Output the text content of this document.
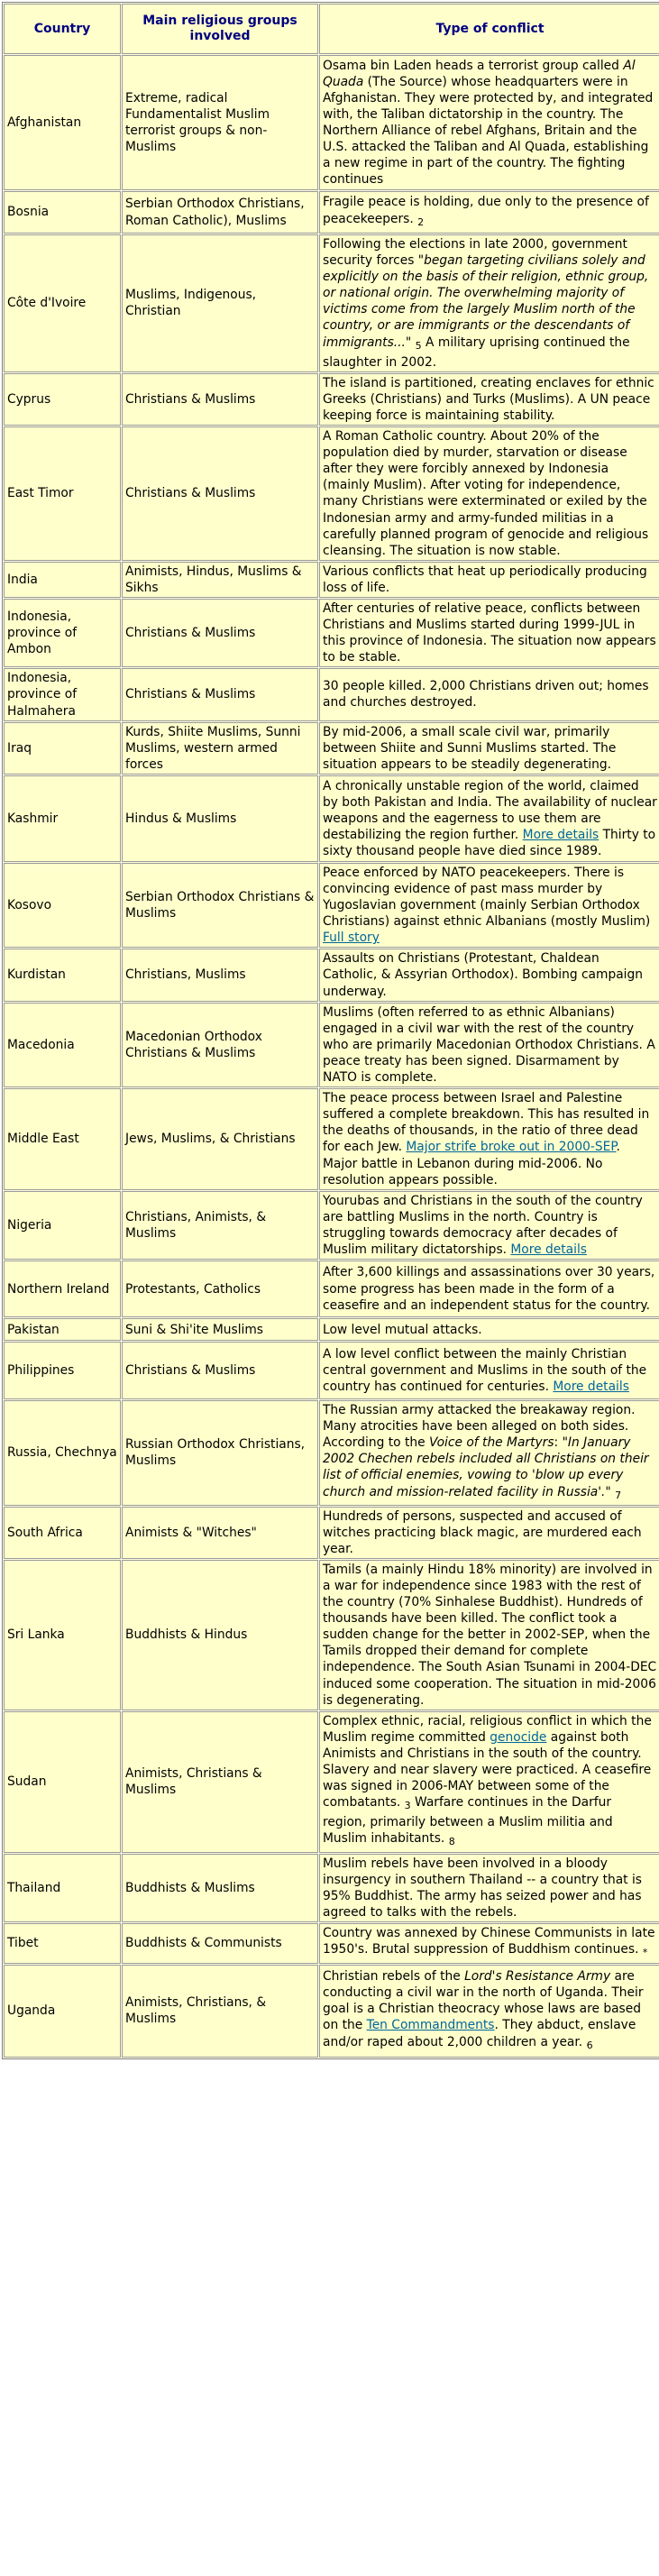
Country	Main religious groups involved	Type of conflict
Afghanistan	Extreme, radical Fundamentalist Muslim terrorist groups & non-Muslims	Osama bin Laden heads a terrorist group called Al Quada (The Source) whose headquarters were in Afghanistan. They were protected by, and integrated with, the Taliban dictatorship in the country. The Northern Alliance of rebel Afghans, Britain and the U.S. attacked the Taliban and Al Quada, establishing a new regime in part of the country. The fighting continues
Bosnia	Serbian Orthodox Christians, Roman Catholic), Muslims	Fragile peace is holding, due only to the presence of peacekeepers. $_2$
Côte d'Ivoire	Muslims, Indigenous, Christian	Following the elections in late 2000, government security forces "began targeting civilians solely and explicitly on the basis of their religion, ethnic group, or national origin. The overwhelming majority of victims come from the largely Muslim north of the country, or are immigrants or the descendants of immigrants..." $_5$ A military uprising continued the slaughter in 2002.
Cyprus	Christians & Muslims	The island is partitioned, creating enclaves for ethnic Greeks (Christians) and Turks (Muslims). A UN peace keeping force is maintaining stability.
East Timor	Christians & Muslims	A Roman Catholic country. About 20% of the population died by murder, starvation or disease after they were forcibly annexed by Indonesia (mainly Muslim). After voting for independence, many Christians were exterminated or exiled by the Indonesian army and army-funded militias in a carefully planned program of genocide and religious cleansing. The situation is now stable.
India	Animists, Hindus, Muslims & Sikhs	Various conflicts that heat up periodically producing loss of life.
Indonesia, province of Ambon	Christians & Muslims	After centuries of relative peace, conflicts between Christians and Muslims started during 1999-JUL in this province of Indonesia. The situation now appears to be stable.
Indonesia, province of Halmahera	Christians & Muslims	30 people killed. 2,000 Christians driven out; homes and churches destroyed.
Iraq	Kurds, Shiite Muslims, Sunni Muslims, western armed forces	By mid-2006, a small scale civil war, primarily between Shiite and Sunni Muslims started. The situation appears to be steadily degenerating.
Kashmir	Hindus & Muslims	A chronically unstable region of the world, claimed by both Pakistan and India. The availability of nuclear weapons and the eagerness to use them are destabilizing the region further. More details Thirty to sixty thousand people have died since 1989.
Kosovo	Serbian Orthodox Christians & Muslims	Peace enforced by NATO peacekeepers. There is convincing evidence of past mass murder by Yugoslavian government (mainly Serbian Orthodox Christians) against ethnic Albanians (mostly Muslim) Full story
Kurdistan	Christians, Muslims	Assaults on Christians (Protestant, Chaldean Catholic, & Assyrian Orthodox). Bombing campaign underway.
Macedonia	Macedonian Orthodox Christians & Muslims	Muslims (often referred to as ethnic Albanians) engaged in a civil war with the rest of the country who are primarily Macedonian Orthodox Christians. A peace treaty has been signed. Disarmament by NATO is complete.
Middle East	Jews, Muslims, & Christians	The peace process between Israel and Palestine suffered a complete breakdown. This has resulted in the deaths of thousands, in the ratio of three dead for each Jew. Major strife broke out in 2000-SEP. Major battle in Lebanon during mid-2006. No resolution appears possible.
Nigeria	Christians, Animists, & Muslims	Yourubas and Christians in the south of the country are battling Muslims in the north. Country is struggling towards democracy after decades of Muslim military dictatorships. More details
Northern Ireland	Protestants, Catholics	After 3,600 killings and assassinations over 30 years, some progress has been made in the form of a ceasefire and an independent status for the country.
Pakistan	Suni & Shi'ite Muslims	Low level mutual attacks.
Philippines	Christians & Muslims	A low level conflict between the mainly Christian central government and Muslims in the south of the country has continued for centuries. More details
Russia, Chechnya	Russian Orthodox Christians, Muslims	The Russian army attacked the breakaway region. Many atrocities have been alleged on both sides. According to the Voice of the Martyrs: "In January 2002 Chechen rebels included all Christians on their list of official enemies, vowing to 'blow up every church and mission-related facility in Russia'." $_7$
South Africa	Animists & "Witches"	Hundreds of persons, suspected and accused of witches practicing black magic, are murdered each year.
Sri Lanka	Buddhists & Hindus	Tamils (a mainly Hindu 18% minority) are involved in a war for independence since 1983 with the rest of the country (70% Sinhalese Buddhist). Hundreds of thousands have been killed. The conflict took a sudden change for the better in 2002-SEP, when the Tamils dropped their demand for complete independence. The South Asian Tsunami in 2004-DEC induced some cooperation. The situation in mid-2006 is degenerating.
Sudan	Animists, Christians & Muslims	Complex ethnic, racial, religious conflict in which the Muslim regime committed genocide against both Animists and Christians in the south of the country. Slavery and near slavery were practiced. A ceasefire was signed in 2006-MAY between some of the combatants. $_3$ Warfare continues in the Darfur region, primarily between a Muslim militia and Muslim inhabitants. $_8$
Thailand	Buddhists & Muslims	Muslim rebels have been involved in a bloody insurgency in southern Thailand -- a country that is 95% Buddhist. The army has seized power and has agreed to talks with the rebels.
Tibet	Buddhists & Communists	Country was annexed by Chinese Communists in late 1950's. Brutal suppression of Buddhism continues. $_*$
Uganda	Animists, Christians, & Muslims	Christian rebels of the Lord's Resistance Army are conducting a civil war in the north of Uganda. Their goal is a Christian theocracy whose laws are based on the Ten Commandments. They abduct, enslave and/or raped about 2,000 children a year. $_6$
